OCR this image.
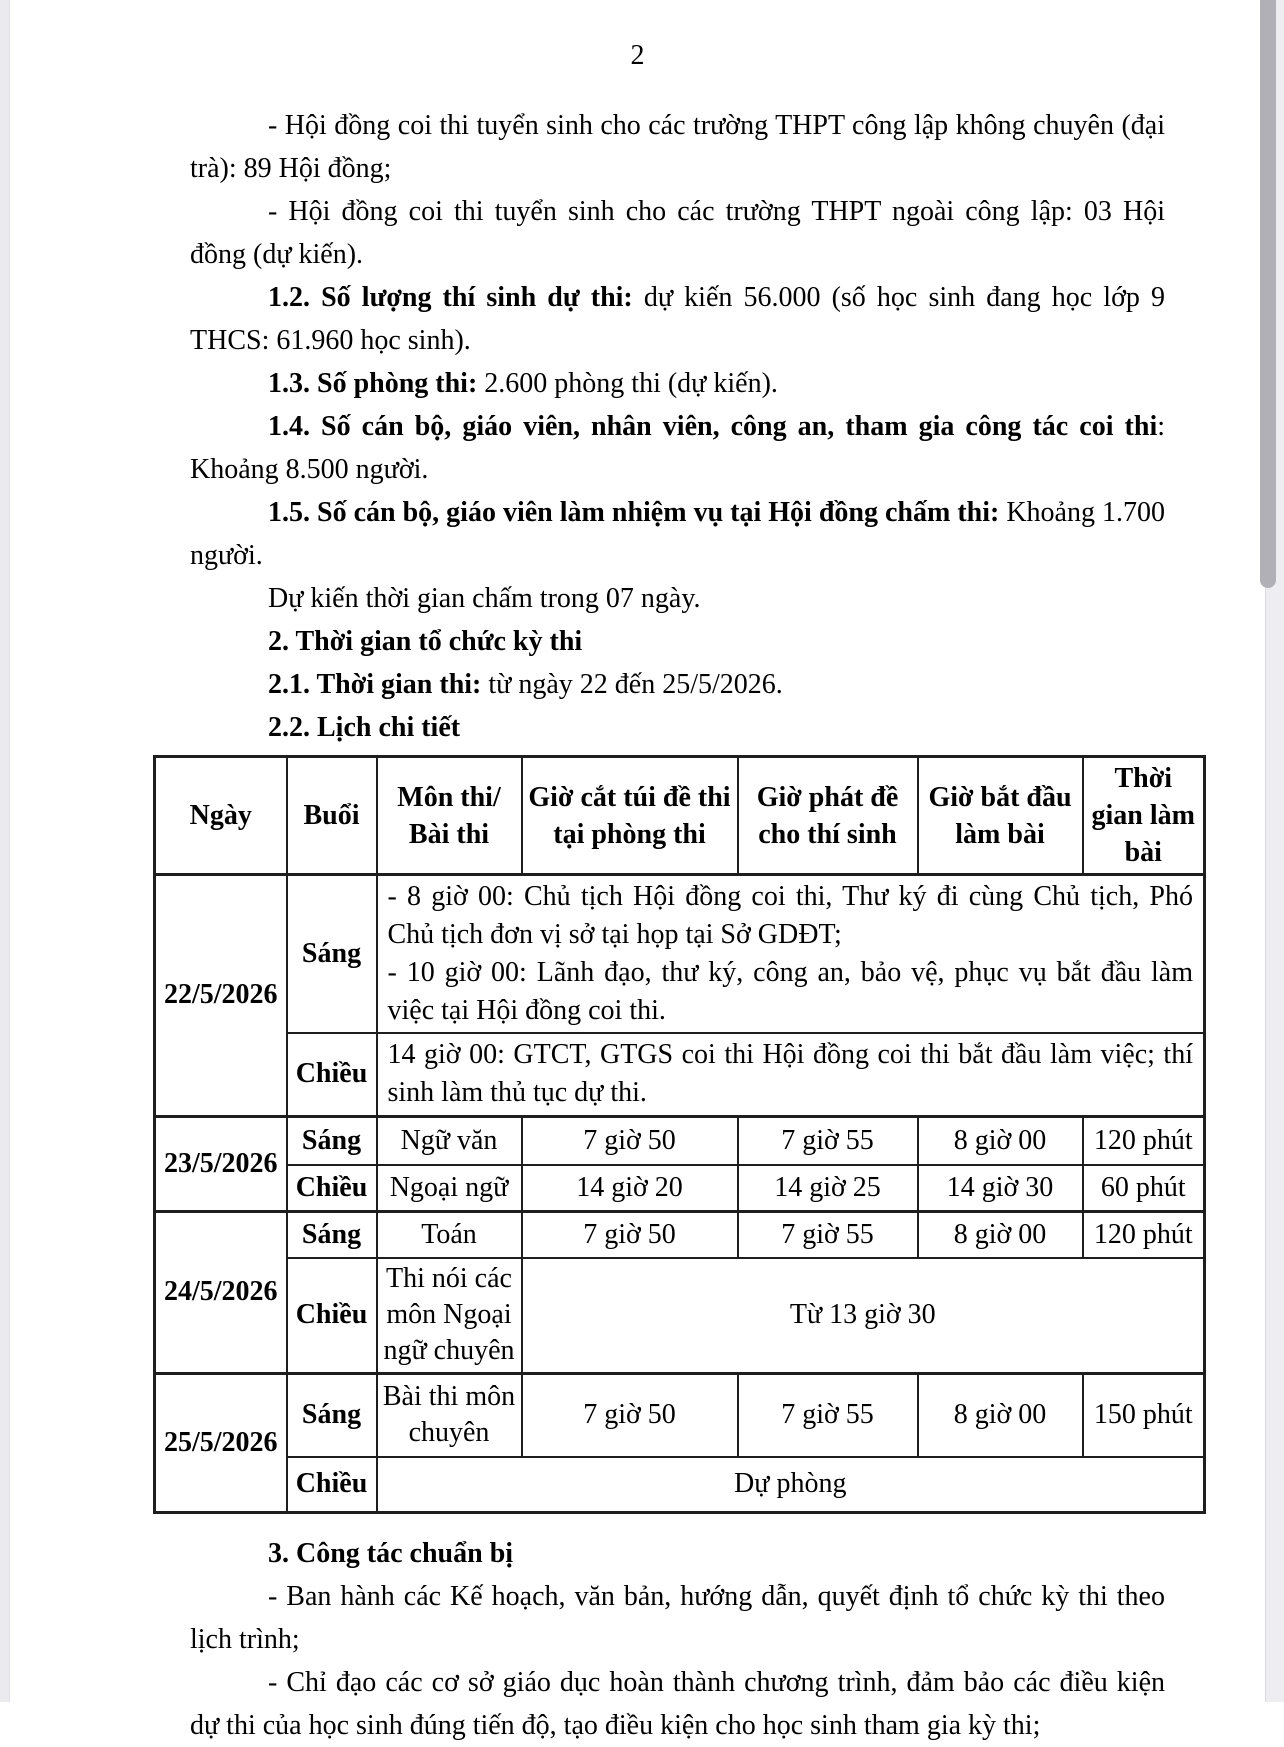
2

- Hội đồng coi thi tuyển sinh cho các trường THPT công lập không chuyên (đại trà): 89 Hội đồng;

- Hội đồng coi thi tuyển sinh cho các trường THPT ngoài công lập: 03 Hội đồng (dự kiến).

1.2. Số lượng thí sinh dự thi: dự kiến 56.000 (số học sinh đang học lớp 9 THCS: 61.960 học sinh).

1.3. Số phòng thi: 2.600 phòng thi (dự kiến).

1.4. Số cán bộ, giáo viên, nhân viên, công an, tham gia công tác coi thi: Khoảng 8.500 người.

1.5. Số cán bộ, giáo viên làm nhiệm vụ tại Hội đồng chấm thi: Khoảng 1.700 người.

Dự kiến thời gian chấm trong 07 ngày.

2. Thời gian tổ chức kỳ thi

2.1. Thời gian thi: từ ngày 22 đến 25/5/2026.

2.2. Lịch chi tiết

Ngày	Buổi	Môn thi/ Bài thi	Giờ cắt túi đề thi tại phòng thi	Giờ phát đề cho thí sinh	Giờ bắt đầu làm bài	Thời gian làm bài
22/5/2026	Sáng	- 8 giờ 00: Chủ tịch Hội đồng coi thi, Thư ký đi cùng Chủ tịch, Phó Chủ tịch đơn vị sở tại họp tại Sở GDĐT;
- 10 giờ 00: Lãnh đạo, thư ký, công an, bảo vệ, phục vụ bắt đầu làm việc tại Hội đồng coi thi.				

	Chiều	14 giờ 00: GTCT, GTGS coi thi Hội đồng coi thi bắt đầu làm việc; thí sinh làm thủ tục dự thi.				
23/5/2026	Sáng	Ngữ văn	7 giờ 50	7 giờ 55	8 giờ 00	120 phút
	Chiều	Ngoại ngữ	14 giờ 20	14 giờ 25	14 giờ 30	60 phút
24/5/2026	Sáng	Toán	7 giờ 50	7 giờ 55	8 giờ 00	120 phút
	Chiều	Thi nói các môn Ngoại ngữ chuyên	Từ 13 giờ 30			
25/5/2026	Sáng	Bài thi môn chuyên	7 giờ 50	7 giờ 55	8 giờ 00	150 phút
	Chiều	Dự phòng				

3. Công tác chuẩn bị

- Ban hành các Kế hoạch, văn bản, hướng dẫn, quyết định tổ chức kỳ thi theo lịch trình;

- Chỉ đạo các cơ sở giáo dục hoàn thành chương trình, đảm bảo các điều kiện dự thi của học sinh đúng tiến độ, tạo điều kiện cho học sinh tham gia kỳ thi;
